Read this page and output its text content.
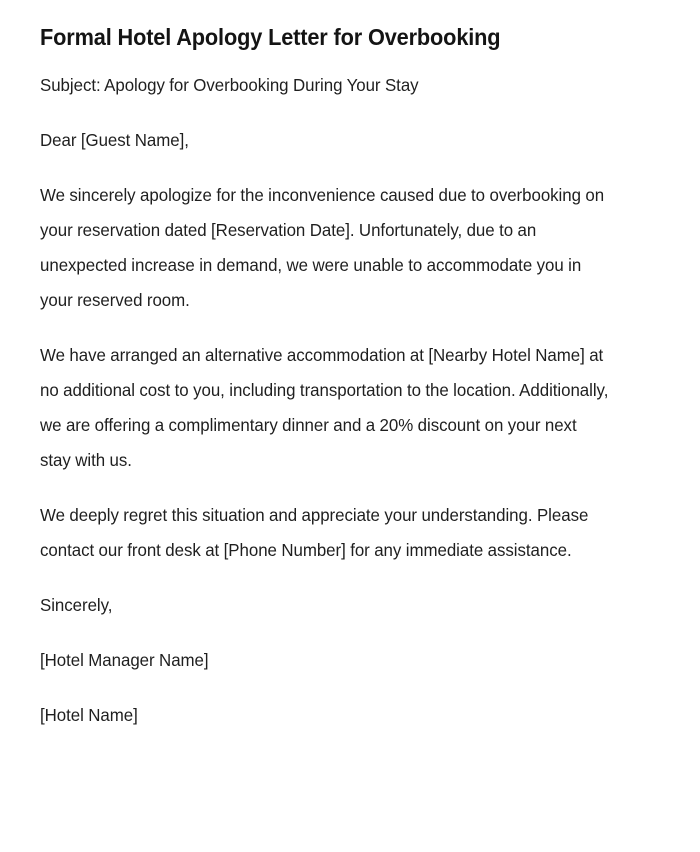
Formal Hotel Apology Letter for Overbooking

Subject: Apology for Overbooking During Your Stay

Dear [Guest Name],

We sincerely apologize for the inconvenience caused due to overbooking on your reservation dated [Reservation Date]. Unfortunately, due to an unexpected increase in demand, we were unable to accommodate you in your reserved room.

We have arranged an alternative accommodation at [Nearby Hotel Name] at no additional cost to you, including transportation to the location. Additionally, we are offering a complimentary dinner and a 20% discount on your next stay with us.

We deeply regret this situation and appreciate your understanding. Please contact our front desk at [Phone Number] for any immediate assistance.

Sincerely,

[Hotel Manager Name]

[Hotel Name]
